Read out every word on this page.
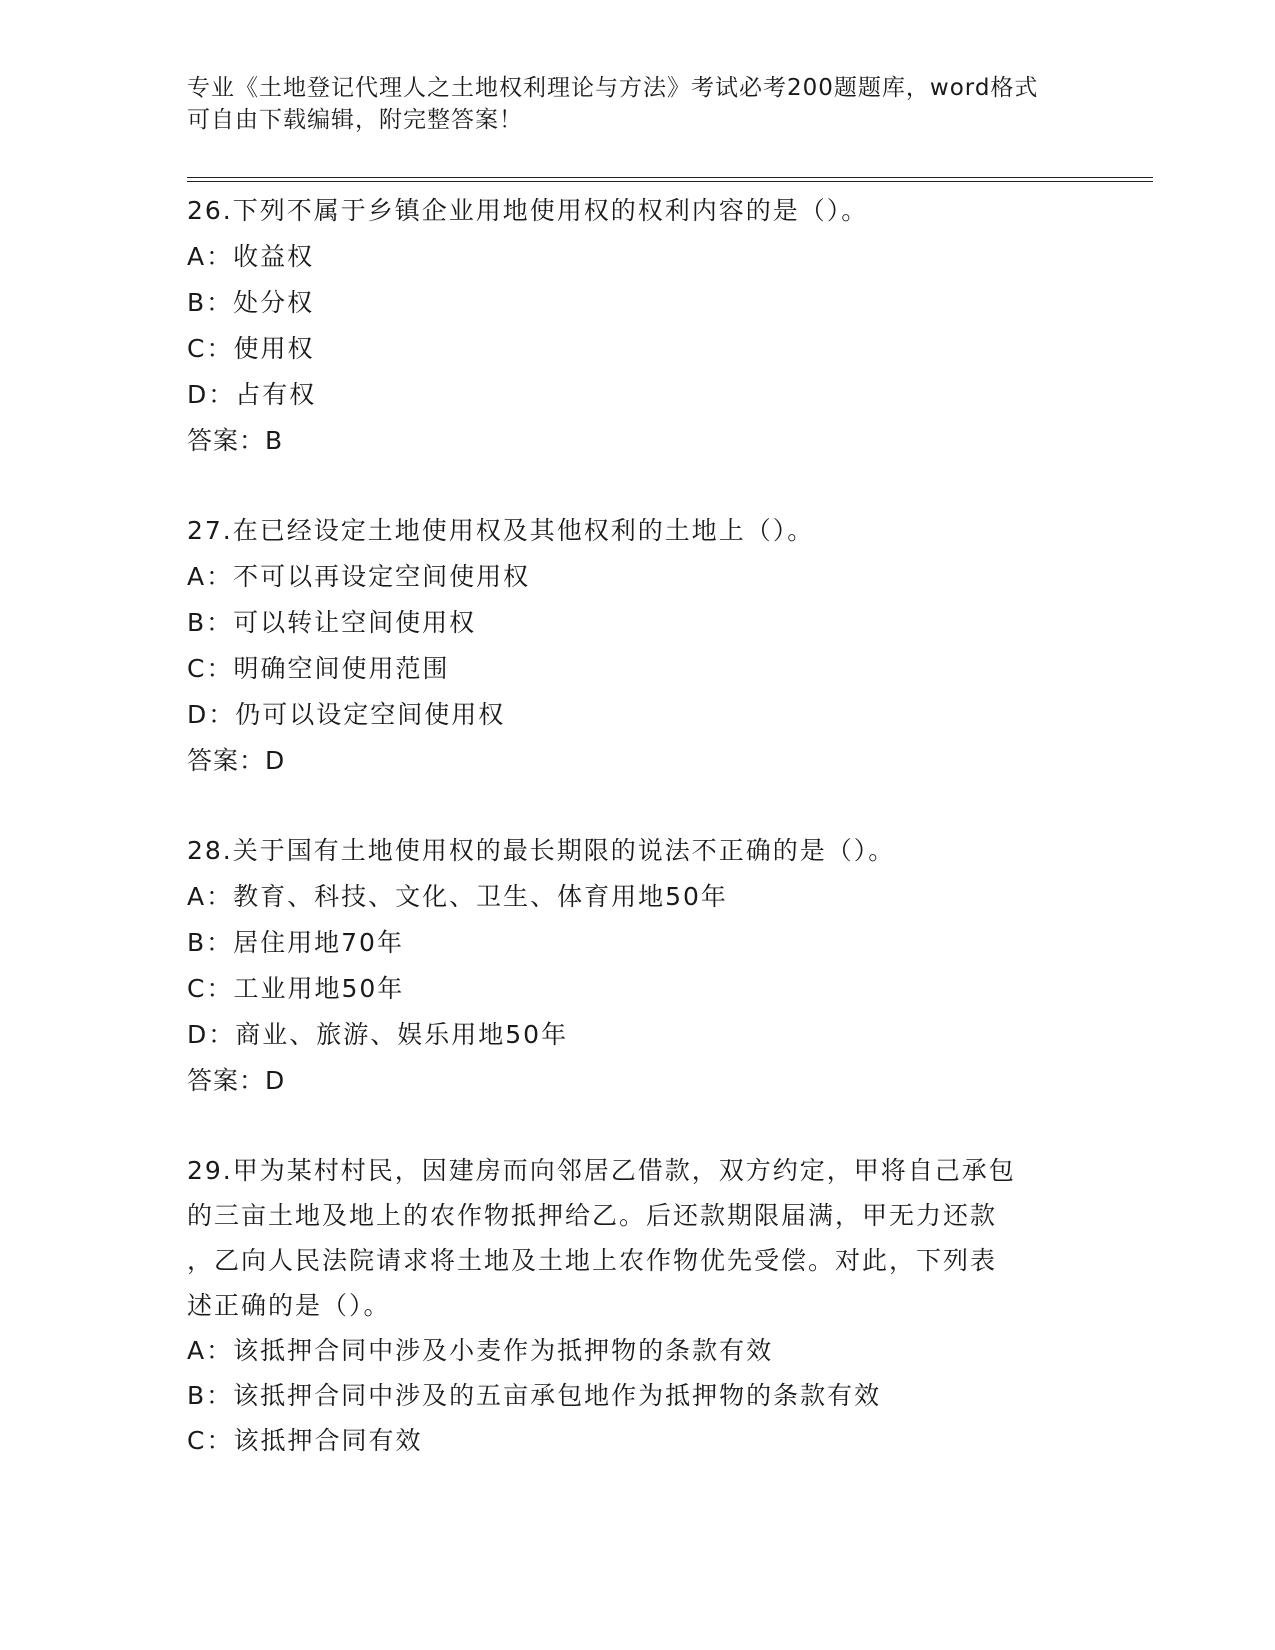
专业《土地登记代理人之土地权利理论与方法》考试必考200题题库，word格式
可自由下载编辑，附完整答案！
26.下列不属于乡镇企业用地使用权的权利内容的是（）。
A：收益权
B：处分权
C：使用权
D：占有权
答案：B
27.在已经设定土地使用权及其他权利的土地上（）。
A：不可以再设定空间使用权
B：可以转让空间使用权
C：明确空间使用范围
D：仍可以设定空间使用权
答案：D
28.关于国有土地使用权的最长期限的说法不正确的是（）。
A：教育、科技、文化、卫生、体育用地50年
B：居住用地70年
C：工业用地50年
D：商业、旅游、娱乐用地50年
答案：D
29.甲为某村村民，因建房而向邻居乙借款，双方约定，甲将自己承包
的三亩土地及地上的农作物抵押给乙。后还款期限届满，甲无力还款
，乙向人民法院请求将土地及土地上农作物优先受偿。对此，下列表
述正确的是（）。
A：该抵押合同中涉及小麦作为抵押物的条款有效
B：该抵押合同中涉及的五亩承包地作为抵押物的条款有效
C：该抵押合同有效
